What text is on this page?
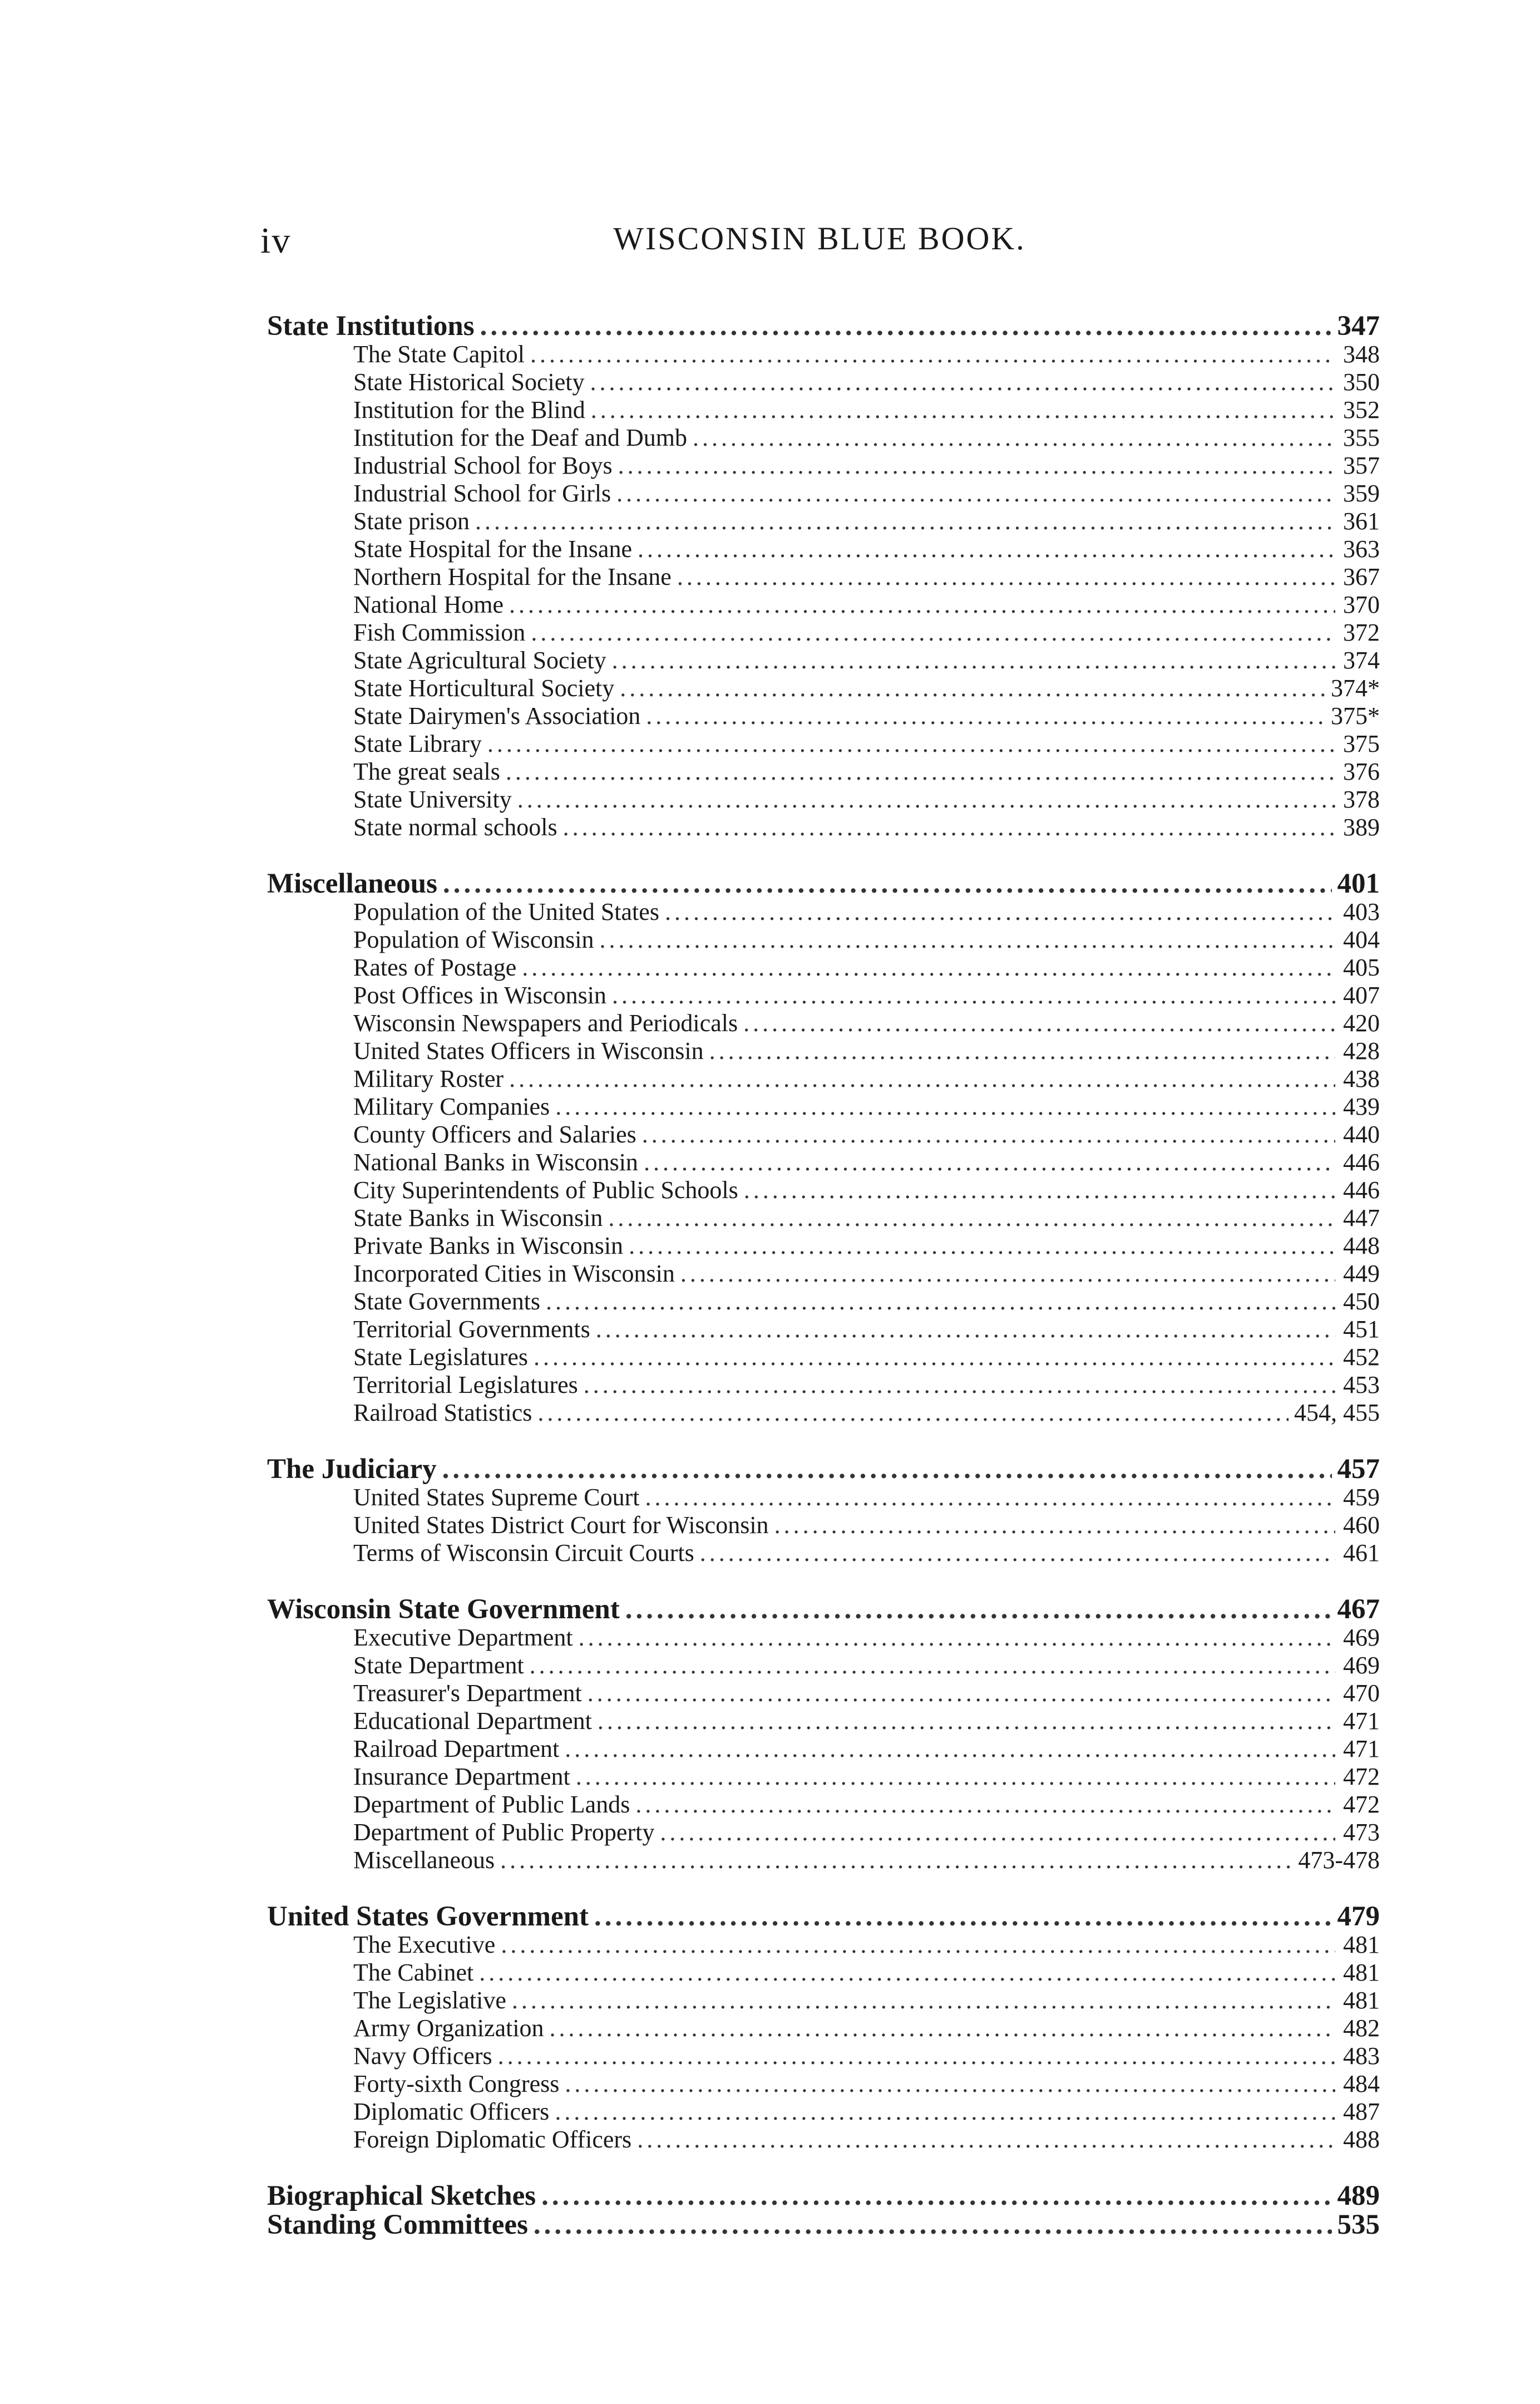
iv	WISCONSIN BLUE BOOK.
State Institutions .....	347
The State Capitol .....	348
State Historical Society .....	350
Institution for the Blind .....	352
Institution for the Deaf and Dumb .....	355
Industrial School for Boys .....	357
Industrial School for Girls .....	359
State prison .....	361
State Hospital for the Insane .....	363
Northern Hospital for the Insane .....	367
National Home .....	370
Fish Commission .....	372
State Agricultural Society .....	374
State Horticultural Society .....	374*
State Dairymen's Association .....	375*
State Library .....	375
The great seals .....	376
State University .....	378
State normal schools .....	389
Miscellaneous .....	401
Population of the United States .....	403
Population of Wisconsin .....	404
Rates of Postage .....	405
Post Offices in Wisconsin .....	407
Wisconsin Newspapers and Periodicals .....	420
United States Officers in Wisconsin .....	428
Military Roster .....	438
Military Companies .....	439
County Officers and Salaries .....	440
National Banks in Wisconsin .....	446
City Superintendents of Public Schools .....	446
State Banks in Wisconsin .....	447
Private Banks in Wisconsin .....	448
Incorporated Cities in Wisconsin .....	449
State Governments .....	450
Territorial Governments .....	451
State Legislatures .....	452
Territorial Legislatures .....	453
Railroad Statistics .....	454, 455
The Judiciary .....	457
United States Supreme Court .....	459
United States District Court for Wisconsin .....	460
Terms of Wisconsin Circuit Courts .....	461
Wisconsin State Government .....	467
Executive Department .....	469
State Department .....	469
Treasurer's Department .....	470
Educational Department .....	471
Railroad Department .....	471
Insurance Department .....	472
Department of Public Lands .....	472
Department of Public Property .....	473
Miscellaneous .....	473-478
United States Government .....	479
The Executive .....	481
The Cabinet .....	481
The Legislative .....	481
Army Organization .....	482
Navy Officers .....	483
Forty-sixth Congress .....	484
Diplomatic Officers .....	487
Foreign Diplomatic Officers .....	488
Biographical Sketches .....	489
Standing Committees .....	535
